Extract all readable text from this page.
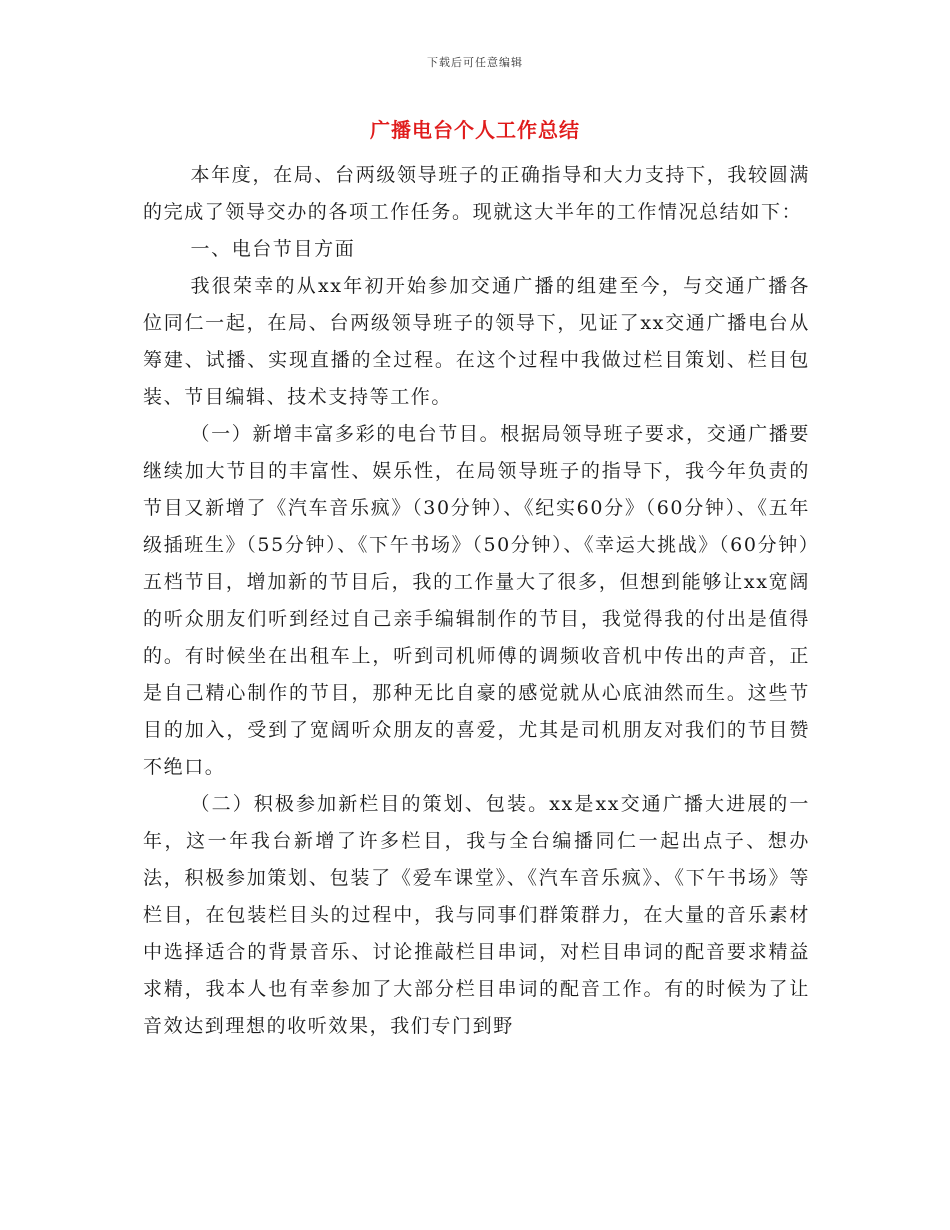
下载后可任意编辑
广播电台个人工作总结

本年度，在局、台两级领导班子的正确指导和大力支持下，我较圆满的完成了领导交办的各项工作任务。现就这大半年的工作情况总结如下：

一、电台节目方面

我很荣幸的从xx年初开始参加交通广播的组建至今，与交通广播各位同仁一起，在局、台两级领导班子的领导下，见证了xx交通广播电台从筹建、试播、实现直播的全过程。在这个过程中我做过栏目策划、栏目包装、节目编辑、技术支持等工作。

（一）新增丰富多彩的电台节目。根据局领导班子要求，交通广播要继续加大节目的丰富性、娱乐性，在局领导班子的指导下，我今年负责的节目又新增了《汽车音乐疯》（30分钟）、《纪实60分》（60分钟）、《五年级插班生》（55分钟）、《下午书场》（50分钟）、《幸运大挑战》（60分钟）五档节目，增加新的节目后，我的工作量大了很多，但想到能够让xx宽阔的听众朋友们听到经过自己亲手编辑制作的节目，我觉得我的付出是值得的。有时候坐在出租车上，听到司机师傅的调频收音机中传出的声音，正是自己精心制作的节目，那种无比自豪的感觉就从心底油然而生。这些节目的加入，受到了宽阔听众朋友的喜爱，尤其是司机朋友对我们的节目赞不绝口。

（二）积极参加新栏目的策划、包装。xx是xx交通广播大进展的一年，这一年我台新增了许多栏目，我与全台编播同仁一起出点子、想办法，积极参加策划、包装了《爱车课堂》、《汽车音乐疯》、《下午书场》等栏目，在包装栏目头的过程中，我与同事们群策群力，在大量的音乐素材中选择适合的背景音乐、讨论推敲栏目串词，对栏目串词的配音要求精益求精，我本人也有幸参加了大部分栏目串词的配音工作。有的时候为了让音效达到理想的收听效果，我们专门到野
